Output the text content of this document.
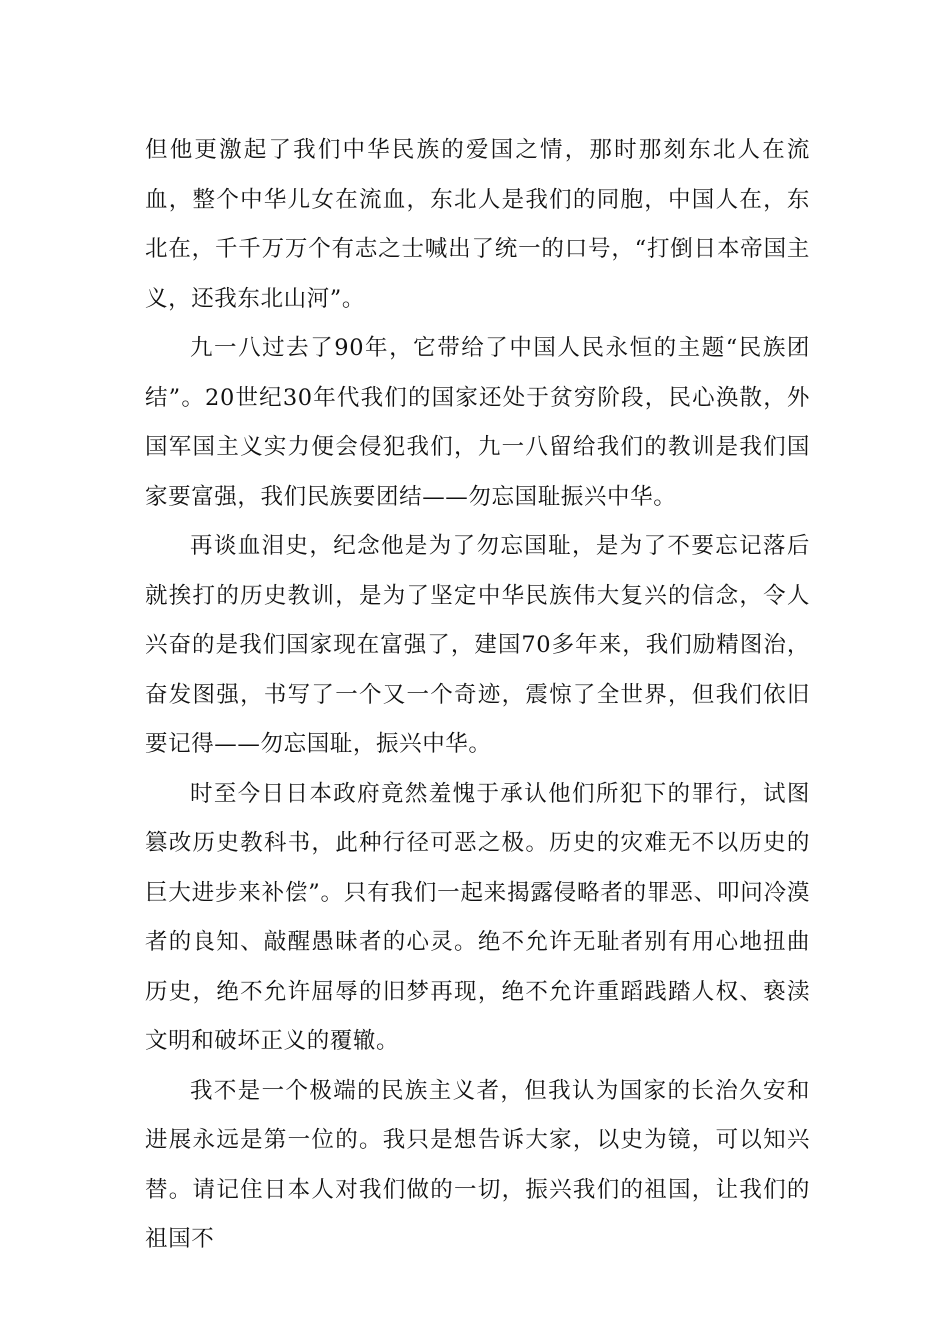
但他更激起了我们中华民族的爱国之情，那时那刻东北人在流血，整个中华儿女在流血，东北人是我们的同胞，中国人在，东北在，千千万万个有志之士喊出了统一的口号，“打倒日本帝国主义，还我东北山河”。

九一八过去了90年，它带给了中国人民永恒的主题“民族团结”。20世纪30年代我们的国家还处于贫穷阶段，民心涣散，外国军国主义实力便会侵犯我们，九一八留给我们的教训是我们国家要富强，我们民族要团结——勿忘国耻振兴中华。

再谈血泪史，纪念他是为了勿忘国耻，是为了不要忘记落后就挨打的历史教训，是为了坚定中华民族伟大复兴的信念，令人兴奋的是我们国家现在富强了，建国70多年来，我们励精图治，奋发图强，书写了一个又一个奇迹，震惊了全世界，但我们依旧要记得——勿忘国耻，振兴中华。

时至今日日本政府竟然羞愧于承认他们所犯下的罪行，试图篡改历史教科书，此种行径可恶之极。历史的灾难无不以历史的巨大进步来补偿”。只有我们一起来揭露侵略者的罪恶、叩问冷漠者的良知、敲醒愚昧者的心灵。绝不允许无耻者别有用心地扭曲历史，绝不允许屈辱的旧梦再现，绝不允许重蹈践踏人权、亵渎文明和破坏正义的覆辙。

我不是一个极端的民族主义者，但我认为国家的长治久安和进展永远是第一位的。我只是想告诉大家，以史为镜，可以知兴替。请记住日本人对我们做的一切，振兴我们的祖国，让我们的祖国不
